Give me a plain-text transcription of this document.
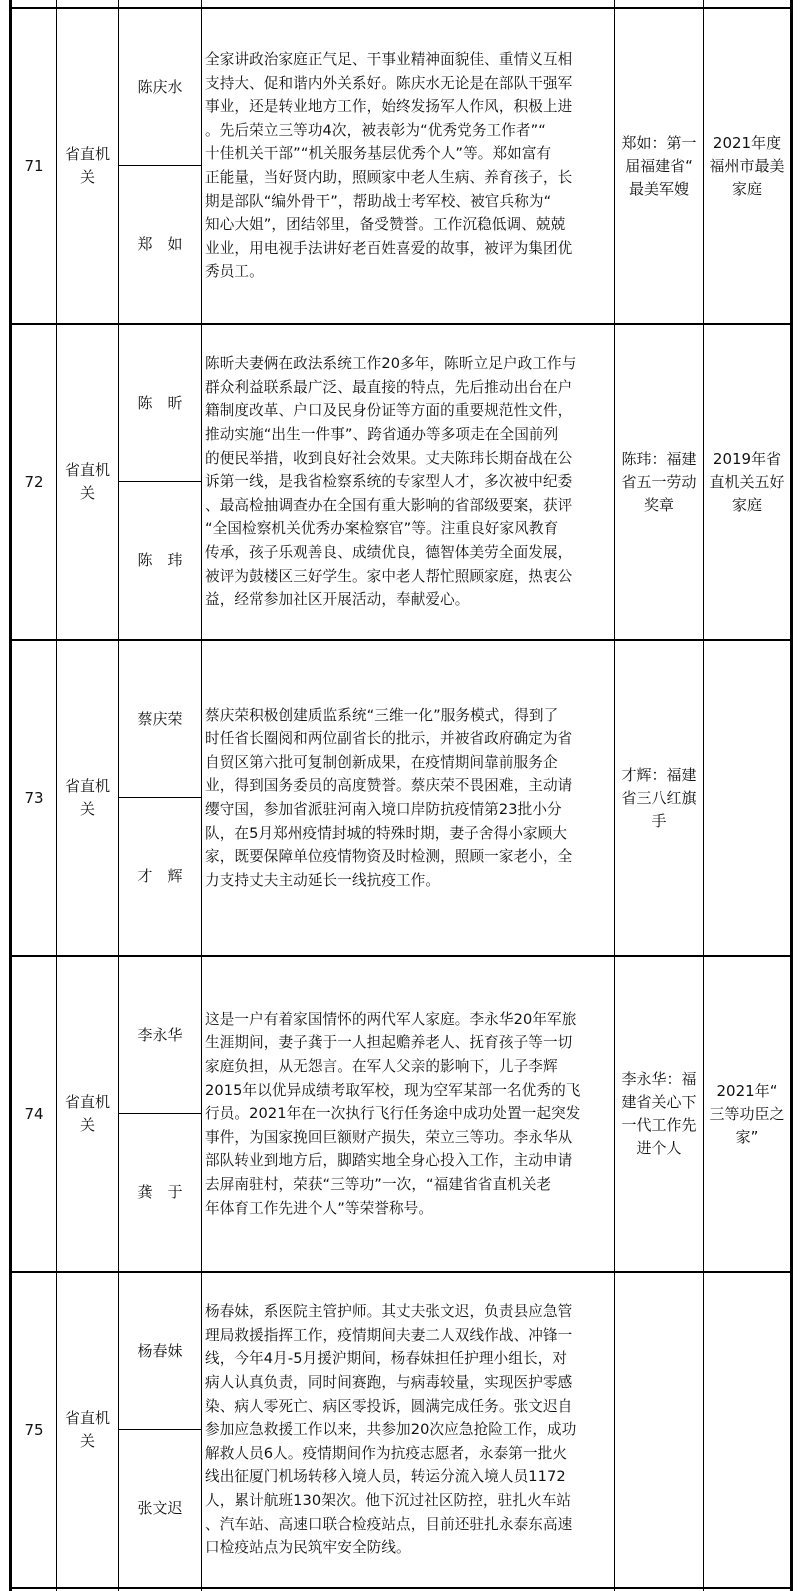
71
省直机
关
陈庆水
郑　如
全家讲政治家庭正气足、干事业精神面貌佳、重情义互相
支持大、促和谐内外关系好。陈庆水无论是在部队干强军
事业，还是转业地方工作，始终发扬军人作风，积极上进
。先后荣立三等功4次，被表彰为“优秀党务工作者”“
十佳机关干部”“机关服务基层优秀个人”等。郑如富有
正能量，当好贤内助，照顾家中老人生病、养育孩子，长
期是部队“编外骨干”，帮助战士考军校、被官兵称为“
知心大姐”，团结邻里，备受赞誉。工作沉稳低调、兢兢
业业，用电视手法讲好老百姓喜爱的故事，被评为集团优
秀员工。
郑如：第一
届福建省“
最美军嫂
2021年度
福州市最美
家庭
72
省直机
关
陈　昕
陈　玮
陈昕夫妻俩在政法系统工作20多年，陈昕立足户政工作与
群众利益联系最广泛、最直接的特点，先后推动出台在户
籍制度改革、户口及民身份证等方面的重要规范性文件，
推动实施“出生一件事”、跨省通办等多项走在全国前列
的便民举措，收到良好社会效果。丈夫陈玮长期奋战在公
诉第一线，是我省检察系统的专家型人才，多次被中纪委
、最高检抽调查办在全国有重大影响的省部级要案，获评
“全国检察机关优秀办案检察官”等。注重良好家风教育
传承，孩子乐观善良、成绩优良，德智体美劳全面发展，
被评为鼓楼区三好学生。家中老人帮忙照顾家庭，热衷公
益，经常参加社区开展活动，奉献爱心。
陈玮：福建
省五一劳动
奖章
2019年省
直机关五好
家庭
73
省直机
关
蔡庆荣
才　辉
蔡庆荣积极创建质监系统“三维一化”服务模式，得到了
时任省长圈阅和两位副省长的批示，并被省政府确定为省
自贸区第六批可复制创新成果，在疫情期间靠前服务企
业，得到国务委员的高度赞誉。蔡庆荣不畏困难，主动请
缨守国，参加省派驻河南入境口岸防抗疫情第23批小分
队，在5月郑州疫情封城的特殊时期，妻子舍得小家顾大
家，既要保障单位疫情物资及时检测，照顾一家老小，全
力支持丈夫主动延长一线抗疫工作。
才辉：福建
省三八红旗
手
74
省直机
关
李永华
龚　于
这是一户有着家国情怀的两代军人家庭。李永华20年军旅
生涯期间，妻子龚于一人担起赡养老人、抚育孩子等一切
家庭负担，从无怨言。在军人父亲的影响下，儿子李辉
2015年以优异成绩考取军校，现为空军某部一名优秀的飞
行员。2021年在一次执行飞行任务途中成功处置一起突发
事件，为国家挽回巨额财产损失，荣立三等功。李永华从
部队转业到地方后，脚踏实地全身心投入工作，主动申请
去屏南驻村，荣获“三等功”一次，“福建省省直机关老
年体育工作先进个人”等荣誉称号。
李永华：福
建省关心下
一代工作先
进个人
2021年“
三等功臣之
家”
75
省直机
关
杨春妹
张文迟
杨春妹，系医院主管护师。其丈夫张文迟，负责县应急管
理局救援指挥工作，疫情期间夫妻二人双线作战、冲锋一
线，今年4月-5月援沪期间，杨春妹担任护理小组长，对
病人认真负责，同时间赛跑，与病毒较量，实现医护零感
染、病人零死亡、病区零投诉，圆满完成任务。张文迟自
参加应急救援工作以来，共参加20次应急抢险工作，成功
解救人员6人。疫情期间作为抗疫志愿者，永泰第一批火
线出征厦门机场转移入境人员，转运分流入境人员1172
人，累计航班130架次。他下沉过社区防控，驻扎火车站
、汽车站、高速口联合检疫站点，目前还驻扎永泰东高速
口检疫站点为民筑牢安全防线。
